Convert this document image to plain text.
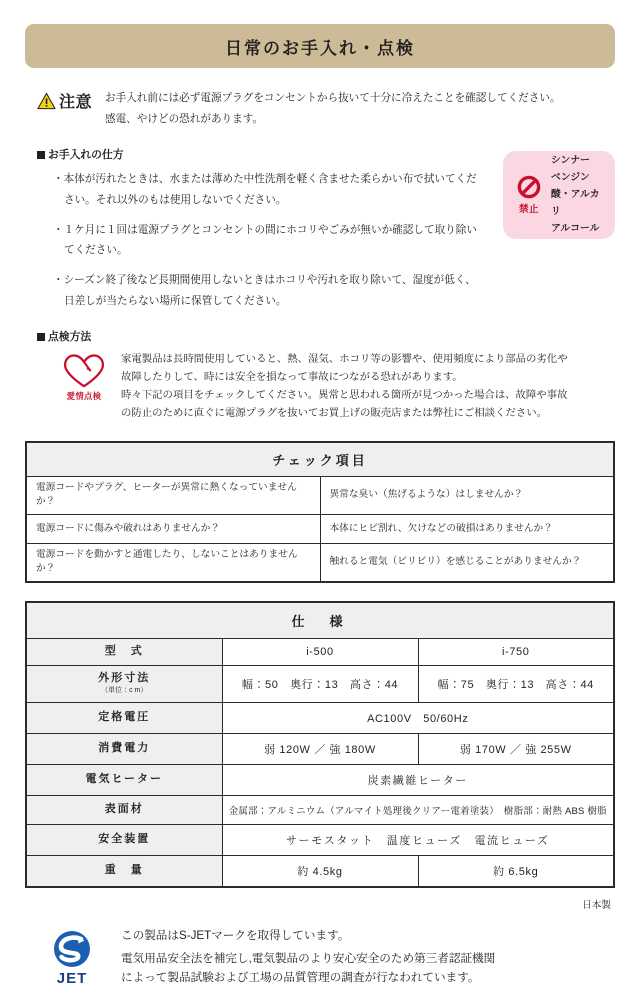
日常のお手入れ・点検
注意 お手入れ前には必ず電源プラグをコンセントから抜いて十分に冷えたことを確認してください。
感電、やけどの恐れがあります。
お手入れの仕方
・本体が汚れたときは、水または薄めた中性洗剤を軽く含ませた柔らかい布で拭いてください。それ以外のもは使用しないでください。
・１ケ月に１回は電源プラグとコンセントの間にホコリやごみが無いか確認して取り除いてください。
・シーズン終了後など長期間使用しないときはホコリや汚れを取り除いて、湿度が低く、日差しが当たらない場所に保管してください。
禁止
シンナー
ベンジン
酸・アルカリ
アルコール
点検方法
愛情点検
家電製品は長時間使用していると、熱、湿気、ホコリ等の影響や、使用頻度により部品の劣化や
故障したりして、時には安全を損なって事故につながる恐れがあります。
時々下記の項目をチェックしてください。異常と思われる箇所が見つかった場合は、故障や事故
の防止のために直ぐに電源プラグを抜いてお買上げの販売店または弊社にご相談ください。
チェック項目	
電源コードやプラグ、ヒーターが異常に熱くなっていませんか？	異常な臭い（焦げるような）はしませんか？
電源コードに傷みや破れはありませんか？	本体にヒビ割れ、欠けなどの破損はありませんか？
電源コードを動かすと通電したり、しないことはありませんか？	触れると電気（ビリビリ）を感じることがありませんか？
仕　様		
型　式	i-500	i-750
外形寸法
（単位：c m）	幅：50　奥行：13　高さ：44	幅：75　奥行：13　高さ：44
定格電圧	AC100V　50/60Hz	
消費電力	弱 120W ／ 強 180W	弱 170W ／ 強 255W
電気ヒーター	炭素繊維ヒーター	
表面材	金属部：アルミニウム（アルマイト処理後クリアー電着塗装）　樹脂部：耐熱 ABS 樹脂	
安全装置	サーモスタット　温度ヒューズ　電流ヒューズ	
重　量	約 4.5kg	約 6.5kg
日本製
JET
この製品はS-JETマークを取得しています。
電気用品安全法を補完し,電気製品のより安心安全のため第三者認証機関
によって製品試験および工場の品質管理の調査が行なわれています。
